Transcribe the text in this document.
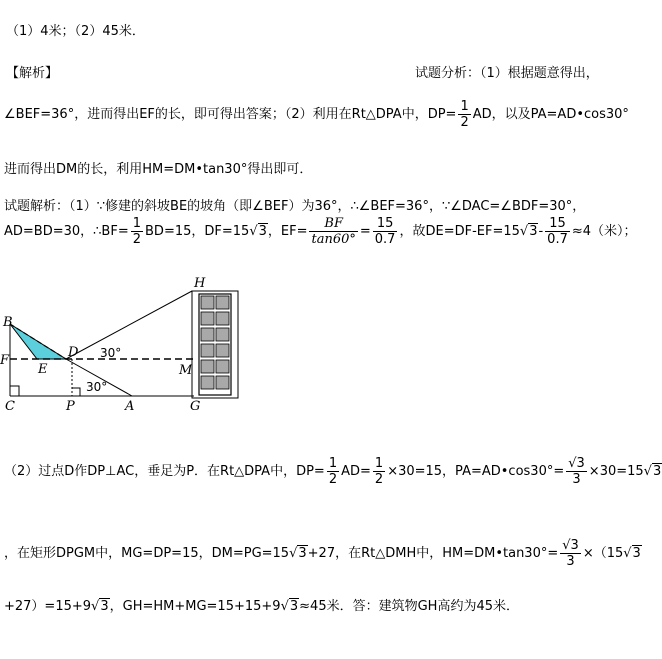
（1）4米；（2）45米．
【解析】	试题分析：（1）根据题意得出，
∠BEF=36°，进而得出EF的长，即可得出答案；（2）利用在Rt△DPA中，$DP= \frac{1}{2}$ AD，以及PA=AD•cos30°
进而得出DM的长，利用HM=DM•tan30°得出即可．
试题解析：（1）∵修建的斜坡BE的坡角（即∠BEF）为36°，∴∠BEF=36°，∵∠DAC=∠BDF=30°，
AD=BD=30，∴BF= $\frac{1}{2} BD=15$，DF=15√3，$EF= \frac{BF}{\tan 60^\circ} = \frac{15}{0.7}$ ，故$DE=DF-EF=15√3- \frac{15}{0.7} \approx 4$（米）；
B
F
C
E
D
P	A	G
M
H
30°
30°
（2）过点D作DP⊥AC，垂足为P．在Rt△DPA中，$DP= \frac{1}{2} AD= \frac{1}{2} \times 30=15$，PA=AD•cos30°= $\frac{√3}{3} \times 30=15√3$
，在矩形DPGM中，MG=DP=15，DM=PG=15√3+27，在Rt△DMH中，HM=DM•tan30°= $\frac{√3}{3} \times(15√3$
+27）=15+9√3，GH=HM+MG=15+15+9√3≈45米．答：建筑物GH高约为45米．
